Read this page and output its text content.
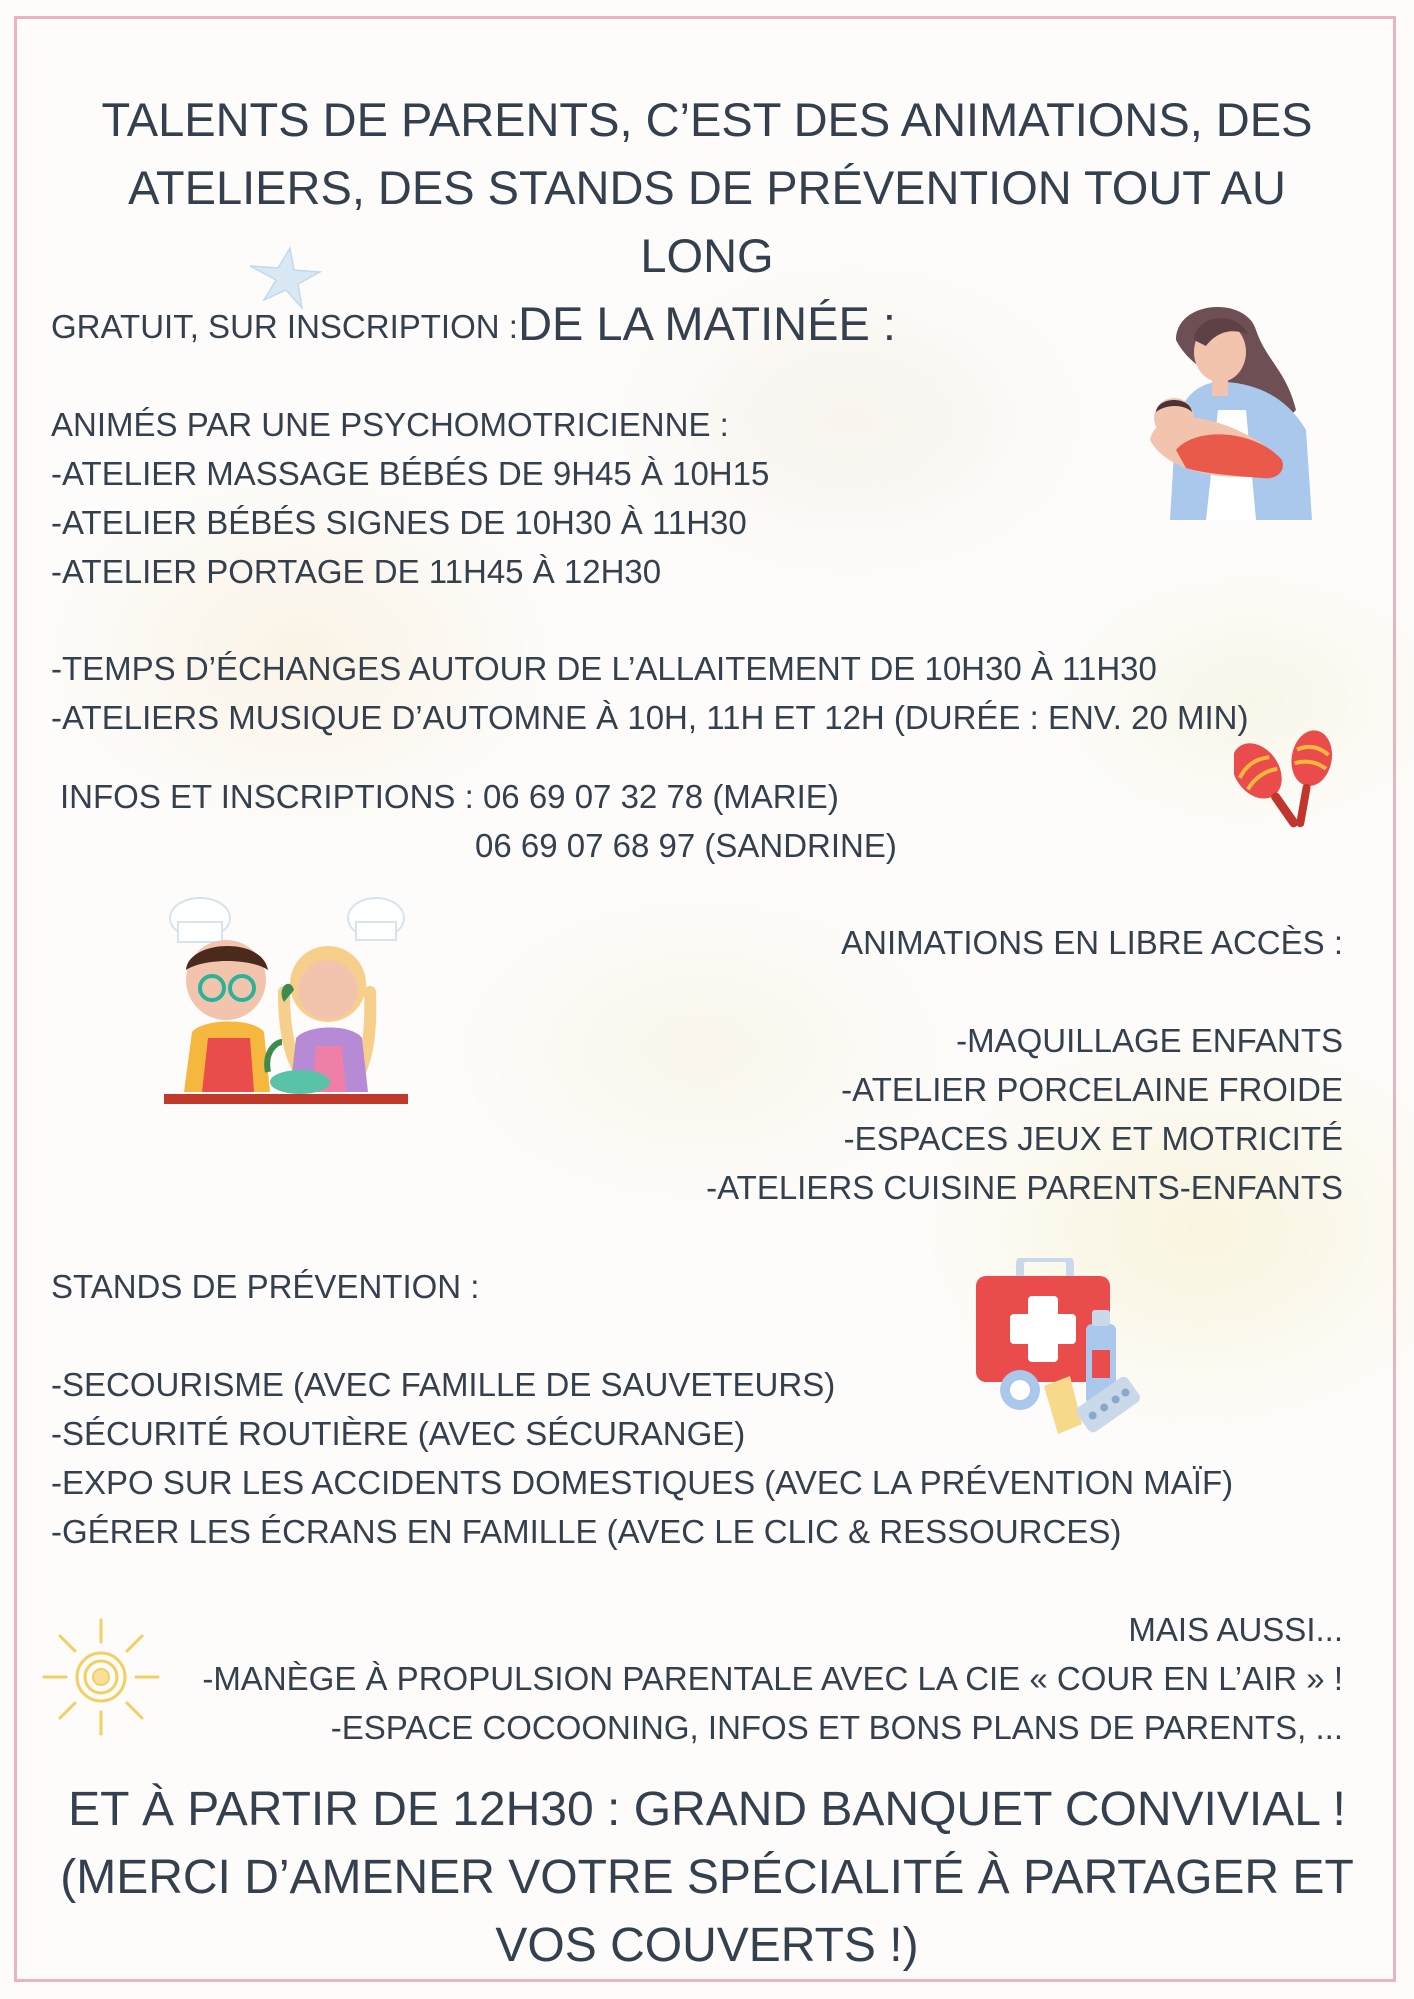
TALENTS DE PARENTS, C’EST DES ANIMATIONS, DES
ATELIERS, DES STANDS DE PRÉVENTION TOUT AU LONG
DE LA MATINÉE :

GRATUIT, SUR INSCRIPTION :

ANIMÉS PAR UNE PSYCHOMOTRICIENNE :

-ATELIER MASSAGE BÉBÉS DE 9H45 À 10H15

-ATELIER BÉBÉS SIGNES DE 10H30 À 11H30

-ATELIER PORTAGE DE 11H45 À 12H30

-TEMPS D’ÉCHANGES AUTOUR DE L’ALLAITEMENT DE 10H30 À 11H30

-ATELIERS MUSIQUE D’AUTOMNE À 10H, 11H ET 12H (DURÉE : ENV. 20 MIN)

INFOS ET INSCRIPTIONS : 06 69 07 32 78 (MARIE)

06 69 07 68 97 (SANDRINE)

ANIMATIONS EN LIBRE ACCÈS :

-MAQUILLAGE ENFANTS

-ATELIER PORCELAINE FROIDE

-ESPACES JEUX ET MOTRICITÉ

-ATELIERS CUISINE PARENTS-ENFANTS

STANDS DE PRÉVENTION :

-SECOURISME (AVEC FAMILLE DE SAUVETEURS)

-SÉCURITÉ ROUTIÈRE (AVEC SÉCURANGE)

-EXPO SUR LES ACCIDENTS DOMESTIQUES (AVEC LA PRÉVENTION MAÏF)

-GÉRER LES ÉCRANS EN FAMILLE (AVEC LE CLIC & RESSOURCES)

MAIS AUSSI...

-MANÈGE À PROPULSION PARENTALE AVEC LA CIE « COUR EN L’AIR » !

-ESPACE COCOONING, INFOS ET BONS PLANS DE PARENTS, ...

ET À PARTIR DE 12H30 : GRAND BANQUET CONVIVIAL !
(MERCI D’AMENER VOTRE SPÉCIALITÉ À PARTAGER ET
VOS COUVERTS !)
